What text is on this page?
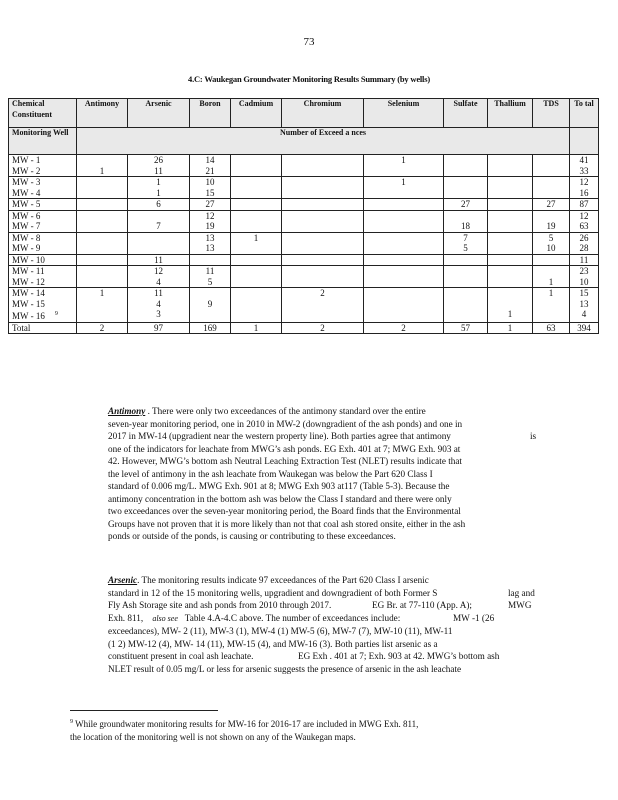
73
4.C: Waukegan Groundwater Monitoring Results Summary (by wells)
Chemical Constituent	Antimony	Arsenic	Boron	Cadmium	Chromium	Selenium	Sulfate	Thallium	TDS	To tal
Monitoring Well	Number of Exceed a nces									
MW - 1		26	14			1				41
MW - 2	1	11	21							33
MW - 3		1	10			1				12
MW - 4		1	15							16
MW - 5		6	27				27		27	87
MW - 6			12							12
MW - 7		7	19				18		19	63
MW - 8			13	1			7		5	26
MW - 9			13				5		10	28
MW - 10		11								11
MW - 11		12	11							23
MW - 12		4	5						1	10
MW - 14	1	11			2				1	15
MW - 15		4	9							13
MW - 16 $^9$		3						1		4
Total	2	97	169	1	2	2	57	1	63	394
Antimony . There were only two exceedances of the antimony standard over the entire
seven-year monitoring period, one in 2010 in MW-2 (downgradient of the ash ponds) and one in
2017 in MW-14 (upgradient near the western property line). Both parties agree that antimony	is
one of the indicators for leachate from MWG’s ash ponds. EG Exh. 401 at 7; MWG Exh. 903 at
42. However, MWG’s bottom ash Neutral Leaching Extraction Test (NLET) results indicate that
the level of antimony in the ash leachate from Waukegan was below the Part 620 Class I
standard of 0.006 mg/L. MWG Exh. 901 at 8; MWG Exh 903 at117 (Table 5-3). Because the
antimony concentration in the bottom ash was below the Class I standard and there were only
two exceedances over the seven-year monitoring period, the Board finds that the Environmental
Groups have not proven that it is more likely than not that coal ash stored onsite, either in the ash
ponds or outside of the ponds, is causing or contributing to these exceedances.
Arsenic. The monitoring results indicate 97 exceedances of the Part 620 Class I arsenic
standard in 12 of the 15 monitoring wells, upgradient and downgradient of both Former S	lag and
Fly Ash Storage site and ash ponds from 2010 through 2017.	EG Br. at 77-110 (App. A);	MWG
Exh. 811, also see Table 4.A-4.C above. The number of exceedances include:	MW -1 (26
exceedances), MW- 2 (11), MW-3 (1), MW-4 (1) MW-5 (6), MW-7 (7), MW-10 (11), MW-11
(1 2) MW-12 (4), MW- 14 (11), MW-15 (4), and MW-16 (3). Both parties list arsenic as a
constituent present in coal ash leachate.	EG Exh . 401 at 7; Exh. 903 at 42. MWG’s bottom ash
NLET result of 0.05 mg/L or less for arsenic suggests the presence of arsenic in the ash leachate
$^9$ While groundwater monitoring results for MW-16 for 2016-17 are included in MWG Exh. 811,
the location of the monitoring well is not shown on any of the Waukegan maps.
